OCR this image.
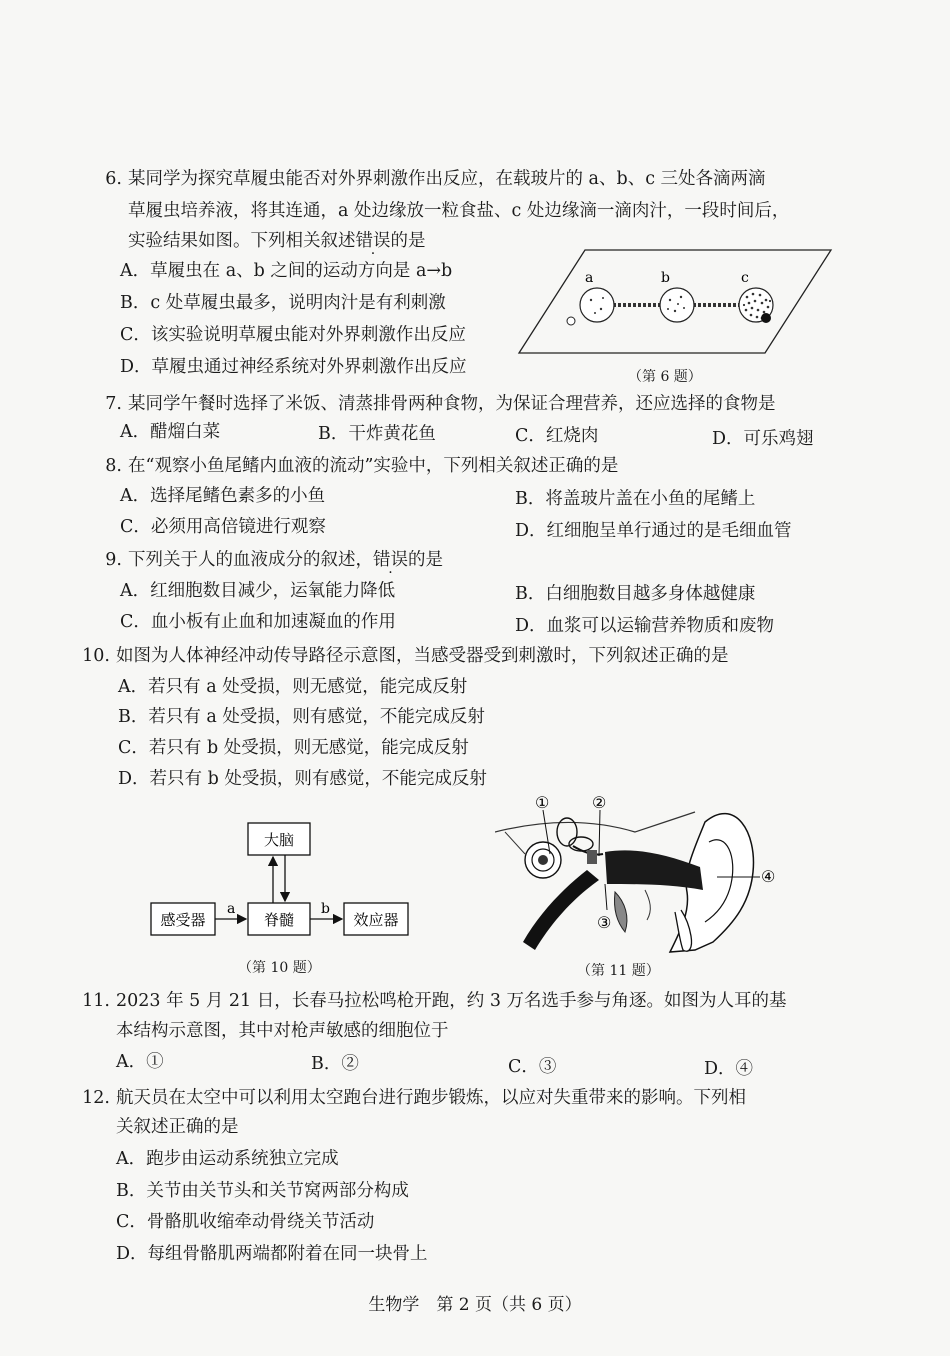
6. 某同学为探究草履虫能否对外界刺激作出反应，在载玻片的 a、b、c 三处各滴两滴
草履虫培养液，将其连通，a 处边缘放一粒食盐、c 处边缘滴一滴肉汁，一段时间后，
实验结果如图。下列相关叙述错误的是
A．草履虫在 a、b 之间的运动方向是 a→b
B．c 处草履虫最多，说明肉汁是有利刺激
C．该实验说明草履虫能对外界刺激作出反应
D．草履虫通过神经系统对外界刺激作出反应
a	b	c
（第 6 题）
7. 某同学午餐时选择了米饭、清蒸排骨两种食物，为保证合理营养，还应选择的食物是
A．醋熘白菜	B．干炸黄花鱼	C．红烧肉	D．可乐鸡翅
8. 在“观察小鱼尾鳍内血液的流动”实验中，下列相关叙述正确的是
A．选择尾鳍色素多的小鱼	B．将盖玻片盖在小鱼的尾鳍上
C．必须用高倍镜进行观察	D．红细胞呈单行通过的是毛细血管
9. 下列关于人的血液成分的叙述，错误的是
A．红细胞数目减少，运氧能力降低	B．白细胞数目越多身体越健康
C．血小板有止血和加速凝血的作用	D．血浆可以运输营养物质和废物
10. 如图为人体神经冲动传导路径示意图，当感受器受到刺激时，下列叙述正确的是
A．若只有 a 处受损，则无感觉，能完成反射
B．若只有 a 处受损，则有感觉，不能完成反射
C．若只有 b 处受损，则无感觉，能完成反射
D．若只有 b 处受损，则有感觉，不能完成反射
大脑
感受器	脊髓	效应器
a	b
（第 10 题）
①	②
③
④
（第 11 题）
11. 2023 年 5 月 21 日，长春马拉松鸣枪开跑，约 3 万名选手参与角逐。如图为人耳的基
本结构示意图，其中对枪声敏感的细胞位于
A．①	B．②	C．③	D．④
12. 航天员在太空中可以利用太空跑台进行跑步锻炼，以应对失重带来的影响。下列相
关叙述正确的是
A．跑步由运动系统独立完成
B．关节由关节头和关节窝两部分构成
C．骨骼肌收缩牵动骨绕关节活动
D．每组骨骼肌两端都附着在同一块骨上
生物学　第 2 页（共 6 页）
